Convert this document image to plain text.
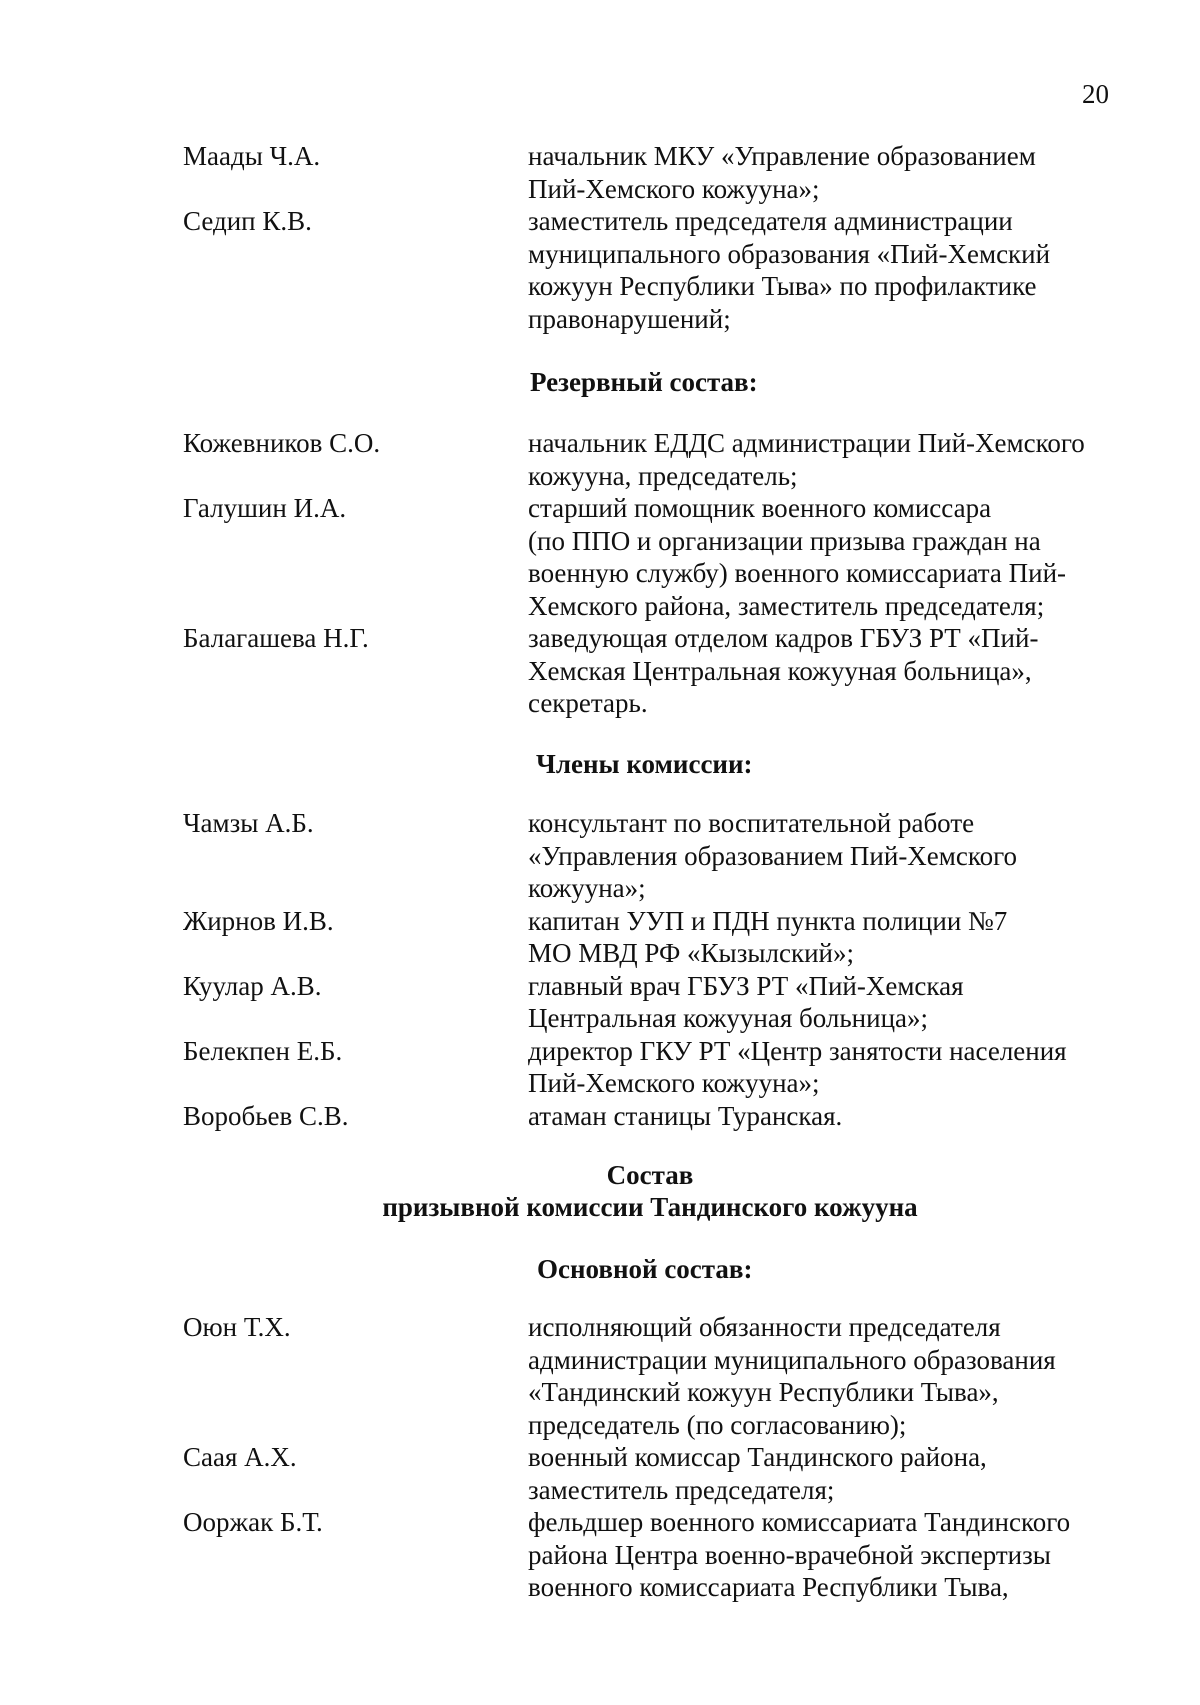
20
Маады Ч.А.	начальник МКУ «Управление образованием
Пий-Хемского кожууна»;
Седип К.В.	заместитель председателя администрации
муниципального образования «Пий-Хемский
кожуун Республики Тыва» по профилактике
правонарушений;
Резервный состав:
Кожевников С.О.	начальник ЕДДС администрации Пий-Хемского
кожууна, председатель;
Галушин И.А.	старший помощник военного комиссара
(по ППО и организации призыва граждан на
военную службу) военного комиссариата Пий-
Хемского района, заместитель председателя;
Балагашева Н.Г.	заведующая отделом кадров ГБУЗ РТ «Пий-
Хемская Центральная кожууная больница»,
секретарь.
Члены комиссии:
Чамзы А.Б.	консультант по воспитательной работе
«Управления образованием Пий-Хемского
кожууна»;
Жирнов И.В.	капитан УУП и ПДН пункта полиции №7
МО МВД РФ «Кызылский»;
Куулар А.В.	главный врач ГБУЗ РТ «Пий-Хемская
Центральная кожууная больница»;
Белекпен Е.Б.	директор ГКУ РТ «Центр занятости населения
Пий-Хемского кожууна»;
Воробьев С.В.	атаман станицы Туранская.
Состав
призывной комиссии Тандинского кожууна
Основной состав:
Оюн Т.Х.	исполняющий обязанности председателя
администрации муниципального образования
«Тандинский кожуун Республики Тыва»,
председатель (по согласованию);
Саая А.Х.	военный комиссар Тандинского района,
заместитель председателя;
Ооржак Б.Т.	фельдшер военного комиссариата Тандинского
района Центра военно-врачебной экспертизы
военного комиссариата Республики Тыва,
